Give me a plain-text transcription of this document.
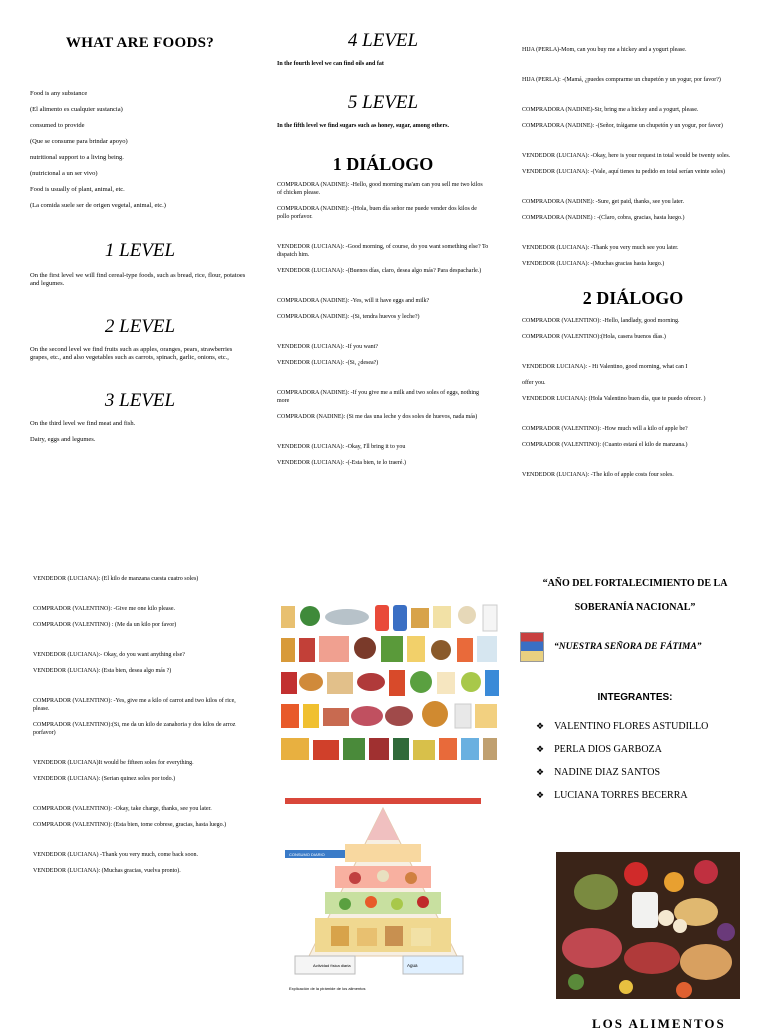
WHAT ARE FOODS?

Food is any substance

(El alimento es cualquier sustancia)

consumed to provide

(Que se consume para brindar apoyo)

nutritional support to a living being.

(nutricional a un ser vivo)

Food is usually of plant, animal, etc.

(La comida suele ser de origen vegetal, animal, etc.)

1 LEVEL

On the first level we will find cereal-type foods, such as bread, rice, flour, potatoes and legumes.

2 LEVEL

On the second level we find fruits such as apples, oranges, pears, strawberries grapes, etc., and also vegetables such as carrots, spinach, garlic, onions, etc.,

3 LEVEL

On the third level we find meat and fish.

Dairy, eggs and legumes.

4 LEVEL

In the fourth level we can find oils and fat

5 LEVEL

In the fifth level we find sugars such as honey, sugar, among others.

1 DIÁLOGO

COMPRADORA (NADINE): -Hello, good morning ma'am can you sell me two kilos of chicken please.

COMPRADORA (NADINE): -(Hola, buen día señor me puede vender dos kilos de pollo porfavor.

VENDEDOR (LUCIANA): -Good morning, of course, do you want something else? To dispatch him.

VENDEDOR (LUCIANA): -(Buenos días, claro, desea algo más? Para despacharle.)

COMPRADORA (NADINE): -Yes, will it have eggs and milk?

COMPRADORA (NADINE): -(Si, tendra huevos y leche?)

VENDEDOR (LUCIANA): -If you want?

VENDEDOR (LUCIANA): -(Si, ¿desea?)

COMPRADORA (NADINE): -If you give me a milk and two soles of eggs, nothing more

COMPRADOR (NADINE): (Si me das una leche y dos soles de huevos, nada más)

VENDEDOR (LUCIANA): -Okay, I'll bring it to you

VENDEDOR (LUCIANA): -(-Esta bien, te lo traeré.)

HIJA (PERLA)-Mom, can you buy me a hickey and a yogurt please.

HIJA (PERLA): -(Mamá, ¿puedes comprarme un chupetón y un yogur, por favor?)

COMPRADORA (NADINE)-Sir, bring me a hickey and a yogurt, please.

COMPRADORA (NADINE): -(Señor, tráigame un chupetón y un yogur, por favor)

VENDEDOR (LUCIANA): -Okay, here is your request in total would be twenty soles.

VENDEDOR (LUCIANA): -(Vale, aquí tienes tu pedido en total serían veinte soles)

COMPRADORA (NADINE): -Sure, get paid, thanks, see you later.

COMPRADORA (NADINE) : -(Claro, cobra, gracias, hasta luego.)

VENDEDOR (LUCIANA): -Thank you very much see you later.

VENDEDOR (LUCIANA): -(Muchas gracias hasta luego.)

2 DIÁLOGO

COMPRADOR (VALENTINO): -Hello, landlady, good morning.

COMPRADOR (VALENTINO):(Hola, casera buenos días.)

VENDEDOR LUCIANA): - Hi Valentino, good morning, what can I

offer you.

VENDEDOR LUCIANA): (Hola Valentino buen día, que te puedo ofrecer. )

COMPRADOR (VALENTINO): -How much will a kilo of apple be?

COMPRADOR (VALENTINO): (Cuanto estará el kilo de manzana.)

VENDEDOR (LUCIANA): -The kilo of apple costs four soles.

VENDEDOR (LUCIANA): (El kilo de manzana cuesta cuatro soles)

COMPRADOR (VALENTINO): -Give me one kilo please.

COMPRADOR (VALENTINO) : (Me da un kilo por favor)

VENDEDOR (LUCIANA):- Okay, do you want anything else?

VENDEDOR (LUCIANA): (Esta bien, desea algo más ?)

COMPRADOR (VALENTINO): -Yes, give me a kilo of carrot and two kilos of rice, please.

COMPRADOR (VALENTINO):(Si, me da un kilo de zanahoria y dos kilos de arroz porfavor)

VENDEDOR (LUCIANA)It would be fifteen soles for everything.

VENDEDOR (LUCIANA): (Serian quinez soles por todo.)

COMPRADOR (VALENTINO): -Okay, take charge, thanks, see you later.

COMPRADOR (VALENTINO): (Esta bien, tome cobrese, gracias, hasta luego.)

VENDEDOR (LUCIANA) -Thank you very much, come back soon.

VENDEDOR (LUCIANA): (Muchas gracias, vuelva pronto).

CONSUMO DIARIO
Actividad física diaria	Agua
Explicación de la pirámide de los alimentos
“AÑO DEL FORTALECIMIENTO DE LA
SOBERANÍA NACIONAL”
“NUESTRA SEÑORA DE FÁTIMA”
INTEGRANTES:
❖ VALENTINO FLORES ASTUDILLO
❖ PERLA DIOS GARBOZA
❖ NADINE DIAZ SANTOS
❖ LUCIANA TORRES BECERRA
LOS ALIMENTOS
